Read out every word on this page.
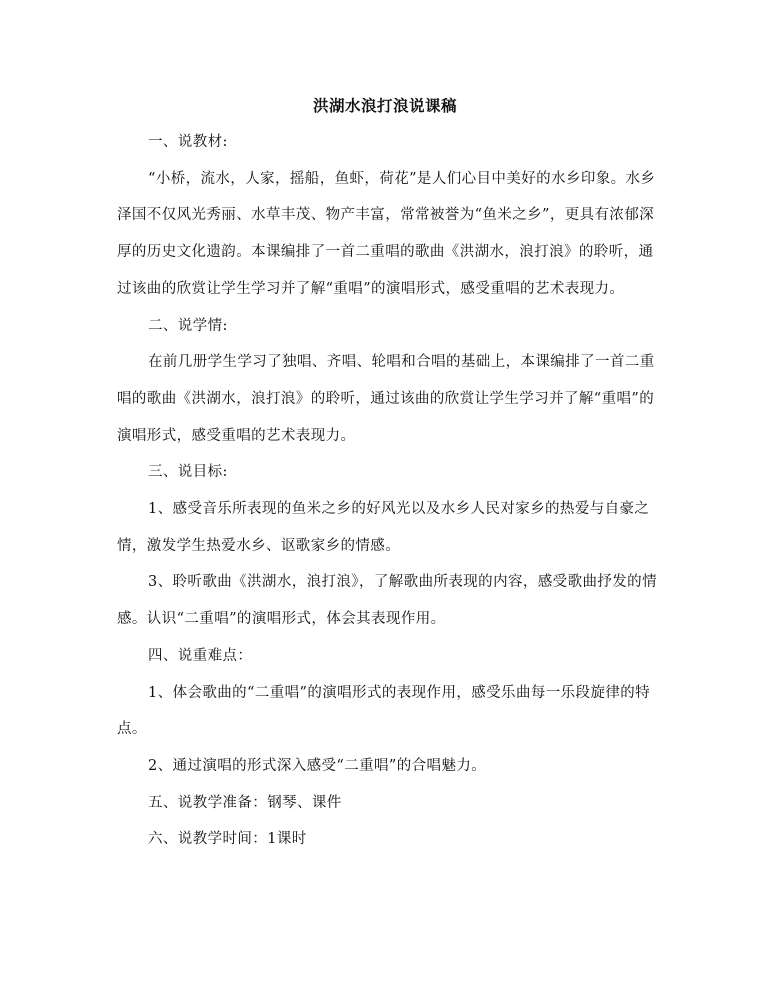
洪湖水浪打浪说课稿

一、说教材:

“小桥，流水，人家，摇船，鱼虾，荷花”是人们心目中美好的水乡印象。水乡泽国不仅风光秀丽、水草丰茂、物产丰富，常常被誉为“鱼米之乡”，更具有浓郁深厚的历史文化遗韵。本课编排了一首二重唱的歌曲《洪湖水，浪打浪》的聆听，通过该曲的欣赏让学生学习并了解“重唱”的演唱形式，感受重唱的艺术表现力。

二、说学情:

在前几册学生学习了独唱、齐唱、轮唱和合唱的基础上，本课编排了一首二重唱的歌曲《洪湖水，浪打浪》的聆听，通过该曲的欣赏让学生学习并了解“重唱”的演唱形式，感受重唱的艺术表现力。

三、说目标:

1、感受音乐所表现的鱼米之乡的好风光以及水乡人民对家乡的热爱与自豪之情，激发学生热爱水乡、讴歌家乡的情感。

3、聆听歌曲《洪湖水，浪打浪》，了解歌曲所表现的内容，感受歌曲抒发的情感。认识“二重唱”的演唱形式，体会其表现作用。

四、说重难点：

1、体会歌曲的“二重唱”的演唱形式的表现作用，感受乐曲每一乐段旋律的特点。

2、通过演唱的形式深入感受“二重唱”的合唱魅力。

五、说教学准备：钢琴、课件

六、说教学时间：1课时
